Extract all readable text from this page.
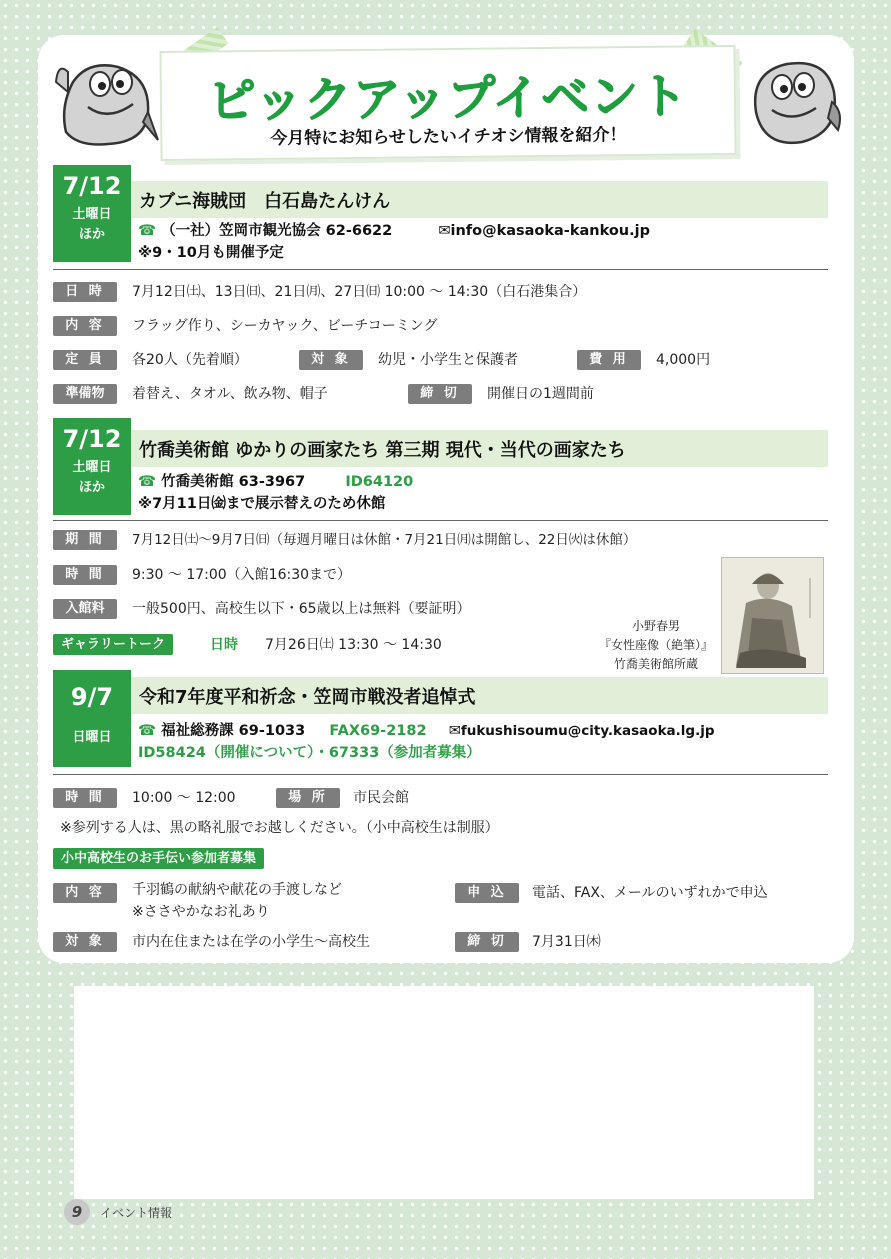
ピックアップイベント
今月特にお知らせしたいイチオシ情報を紹介！
7/12
土曜日
ほか
カブニ海賊団　白石島たんけん
☎ （一社）笠岡市観光協会 62-6622	✉info@kasaoka-kankou.jp
※9・10月も開催予定
日 時	7月12日㈯、13日㈰、21日㈪、27日㈰ 10:00 ～ 14:30（白石港集合）
内 容	フラッグ作り、シーカヤック、ビーチコーミング
定 員	各20人（先着順）	対 象	幼児・小学生と保護者	費 用	4,000円
準備物	着替え、タオル、飲み物、帽子	締 切	開催日の1週間前
7/12
土曜日
ほか
竹喬美術館 ゆかりの画家たち 第三期 現代・当代の画家たち
☎ 竹喬美術館 63-3967	ID64120
※7月11日㈮まで展示替えのため休館
期 間	7月12日㈯～9月7日㈰（毎週月曜日は休館・7月21日㈪は開館し、22日㈫は休館）
時 間	9:30 ～ 17:00（入館16:30まで）
入館料	一般500円、高校生以下・65歳以上は無料（要証明）
ギャラリートーク	日時 7月26日㈯ 13:30 ～ 14:30
小野春男
『女性座像（絶筆）』
竹喬美術館所蔵
9/7
日曜日
令和7年度平和祈念・笠岡市戦没者追悼式
☎ 福祉総務課 69-1033 FAX69-2182 ✉fukushisoumu@city.kasaoka.lg.jp
ID58424（開催について）・67333（参加者募集）
時 間	10:00 ～ 12:00	場 所	市民会館
※参列する人は、黒の略礼服でお越しください。（小中高校生は制服）
小中高校生のお手伝い参加者募集
内 容	千羽鶴の献納や献花の手渡しなど
※ささやかなお礼あり
申 込	電話、FAX、メールのいずれかで申込
対 象	市内在住または在学の小学生～高校生	締 切	7月31日㈭
9	イベント情報
